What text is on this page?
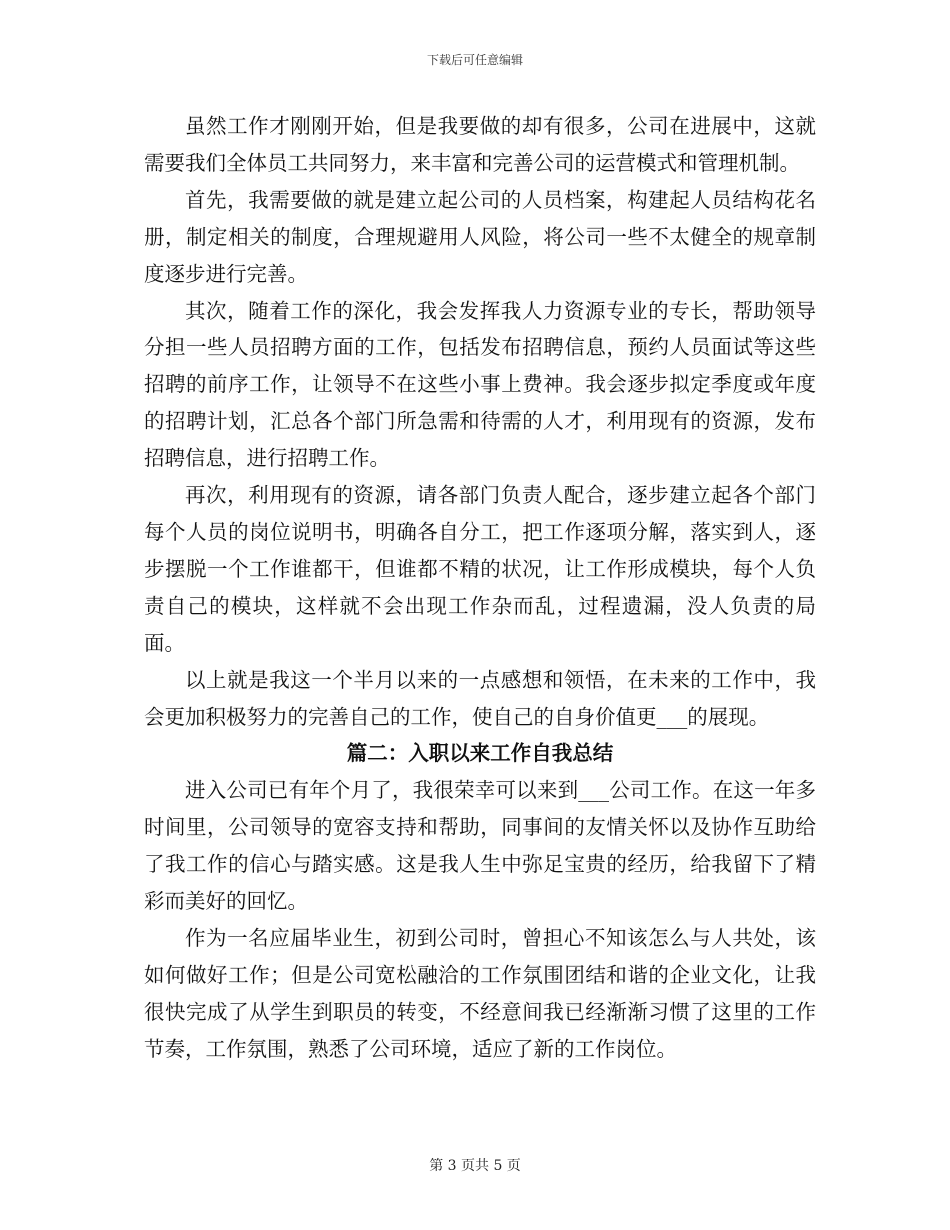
下载后可任意编辑

虽然工作才刚刚开始，但是我要做的却有很多，公司在进展中，这就需要我们全体员工共同努力，来丰富和完善公司的运营模式和管理机制。

首先，我需要做的就是建立起公司的人员档案，构建起人员结构花名册，制定相关的制度，合理规避用人风险，将公司一些不太健全的规章制度逐步进行完善。

其次，随着工作的深化，我会发挥我人力资源专业的专长，帮助领导分担一些人员招聘方面的工作，包括发布招聘信息，预约人员面试等这些招聘的前序工作，让领导不在这些小事上费神。我会逐步拟定季度或年度的招聘计划，汇总各个部门所急需和待需的人才，利用现有的资源，发布招聘信息，进行招聘工作。

再次，利用现有的资源，请各部门负责人配合，逐步建立起各个部门每个人员的岗位说明书，明确各自分工，把工作逐项分解，落实到人，逐步摆脱一个工作谁都干，但谁都不精的状况，让工作形成模块，每个人负责自己的模块，这样就不会出现工作杂而乱，过程遗漏，没人负责的局面。

以上就是我这一个半月以来的一点感想和领悟，在未来的工作中，我会更加积极努力的完善自己的工作，使自己的自身价值更___的展现。

篇二：入职以来工作自我总结

进入公司已有年个月了，我很荣幸可以来到___公司工作。在这一年多时间里，公司领导的宽容支持和帮助，同事间的友情关怀以及协作互助给了我工作的信心与踏实感。这是我人生中弥足宝贵的经历，给我留下了精彩而美好的回忆。

作为一名应届毕业生，初到公司时，曾担心不知该怎么与人共处，该如何做好工作；但是公司宽松融洽的工作氛围团结和谐的企业文化，让我很快完成了从学生到职员的转变，不经意间我已经渐渐习惯了这里的工作节奏，工作氛围，熟悉了公司环境，适应了新的工作岗位。

第 3 页共 5 页
